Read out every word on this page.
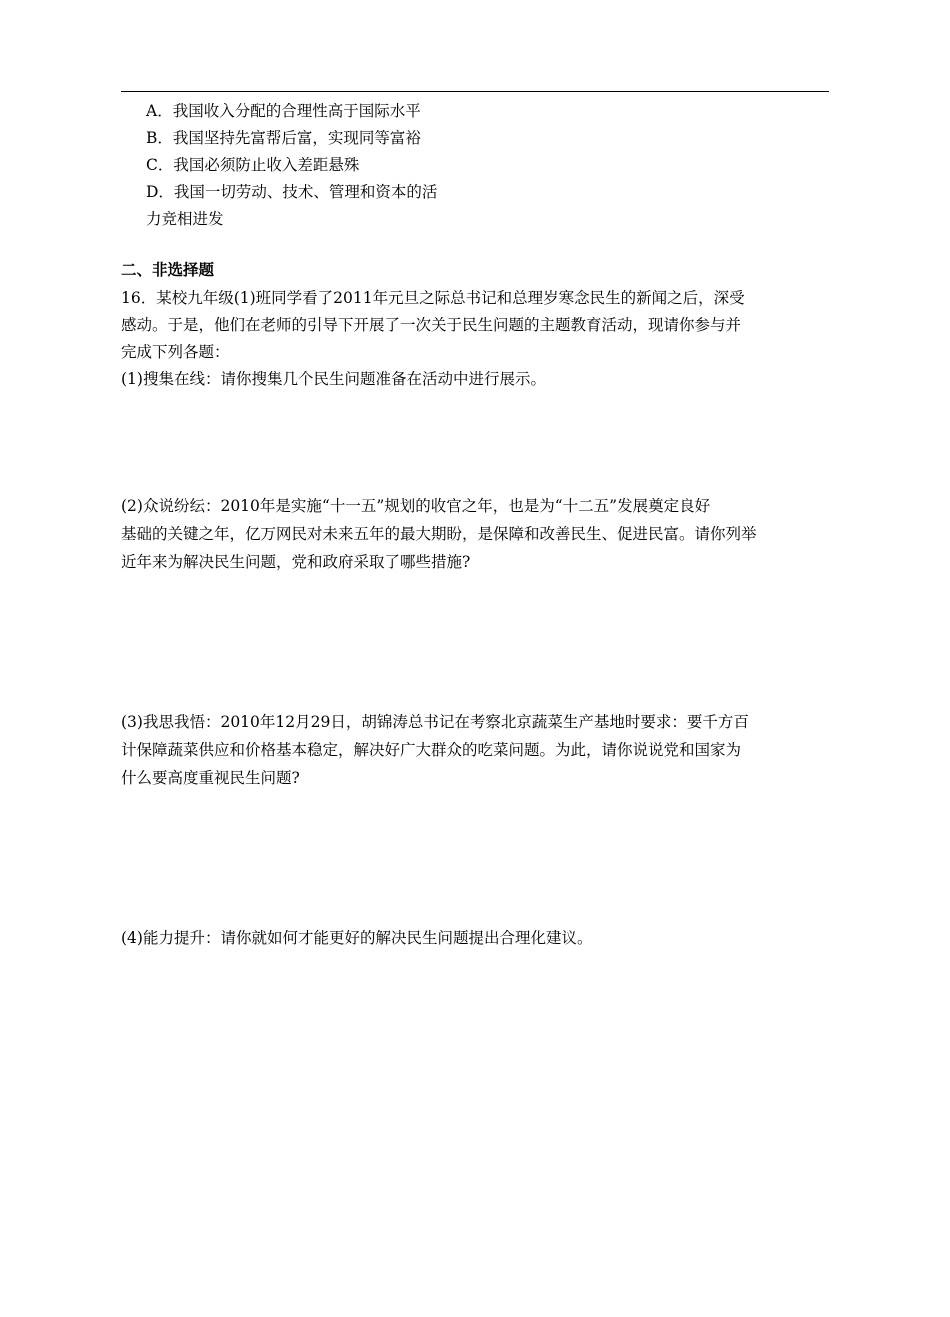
A．我国收入分配的合理性高于国际水平
B．我国坚持先富帮后富，实现同等富裕
C．我国必须防止收入差距悬殊
D．我国一切劳动、技术、管理和资本的活
力竞相进发
二、非选择题
16．某校九年级(1)班同学看了2011年元旦之际总书记和总理岁寒念民生的新闻之后，深受
感动。于是，他们在老师的引导下开展了一次关于民生问题的主题教育活动，现请你参与并
完成下列各题：
(1)搜集在线：请你搜集几个民生问题准备在活动中进行展示。
(2)众说纷纭：2010年是实施“十一五”规划的收官之年，也是为“十二五”发展奠定良好
基础的关键之年，亿万网民对未来五年的最大期盼，是保障和改善民生、促进民富。请你列举
近年来为解决民生问题，党和政府采取了哪些措施?
(3)我思我悟：2010年12月29日，胡锦涛总书记在考察北京蔬菜生产基地时要求：要千方百
计保障蔬菜供应和价格基本稳定，解决好广大群众的吃菜问题。为此，请你说说党和国家为
什么要高度重视民生问题?
(4)能力提升：请你就如何才能更好的解决民生问题提出合理化建议。
